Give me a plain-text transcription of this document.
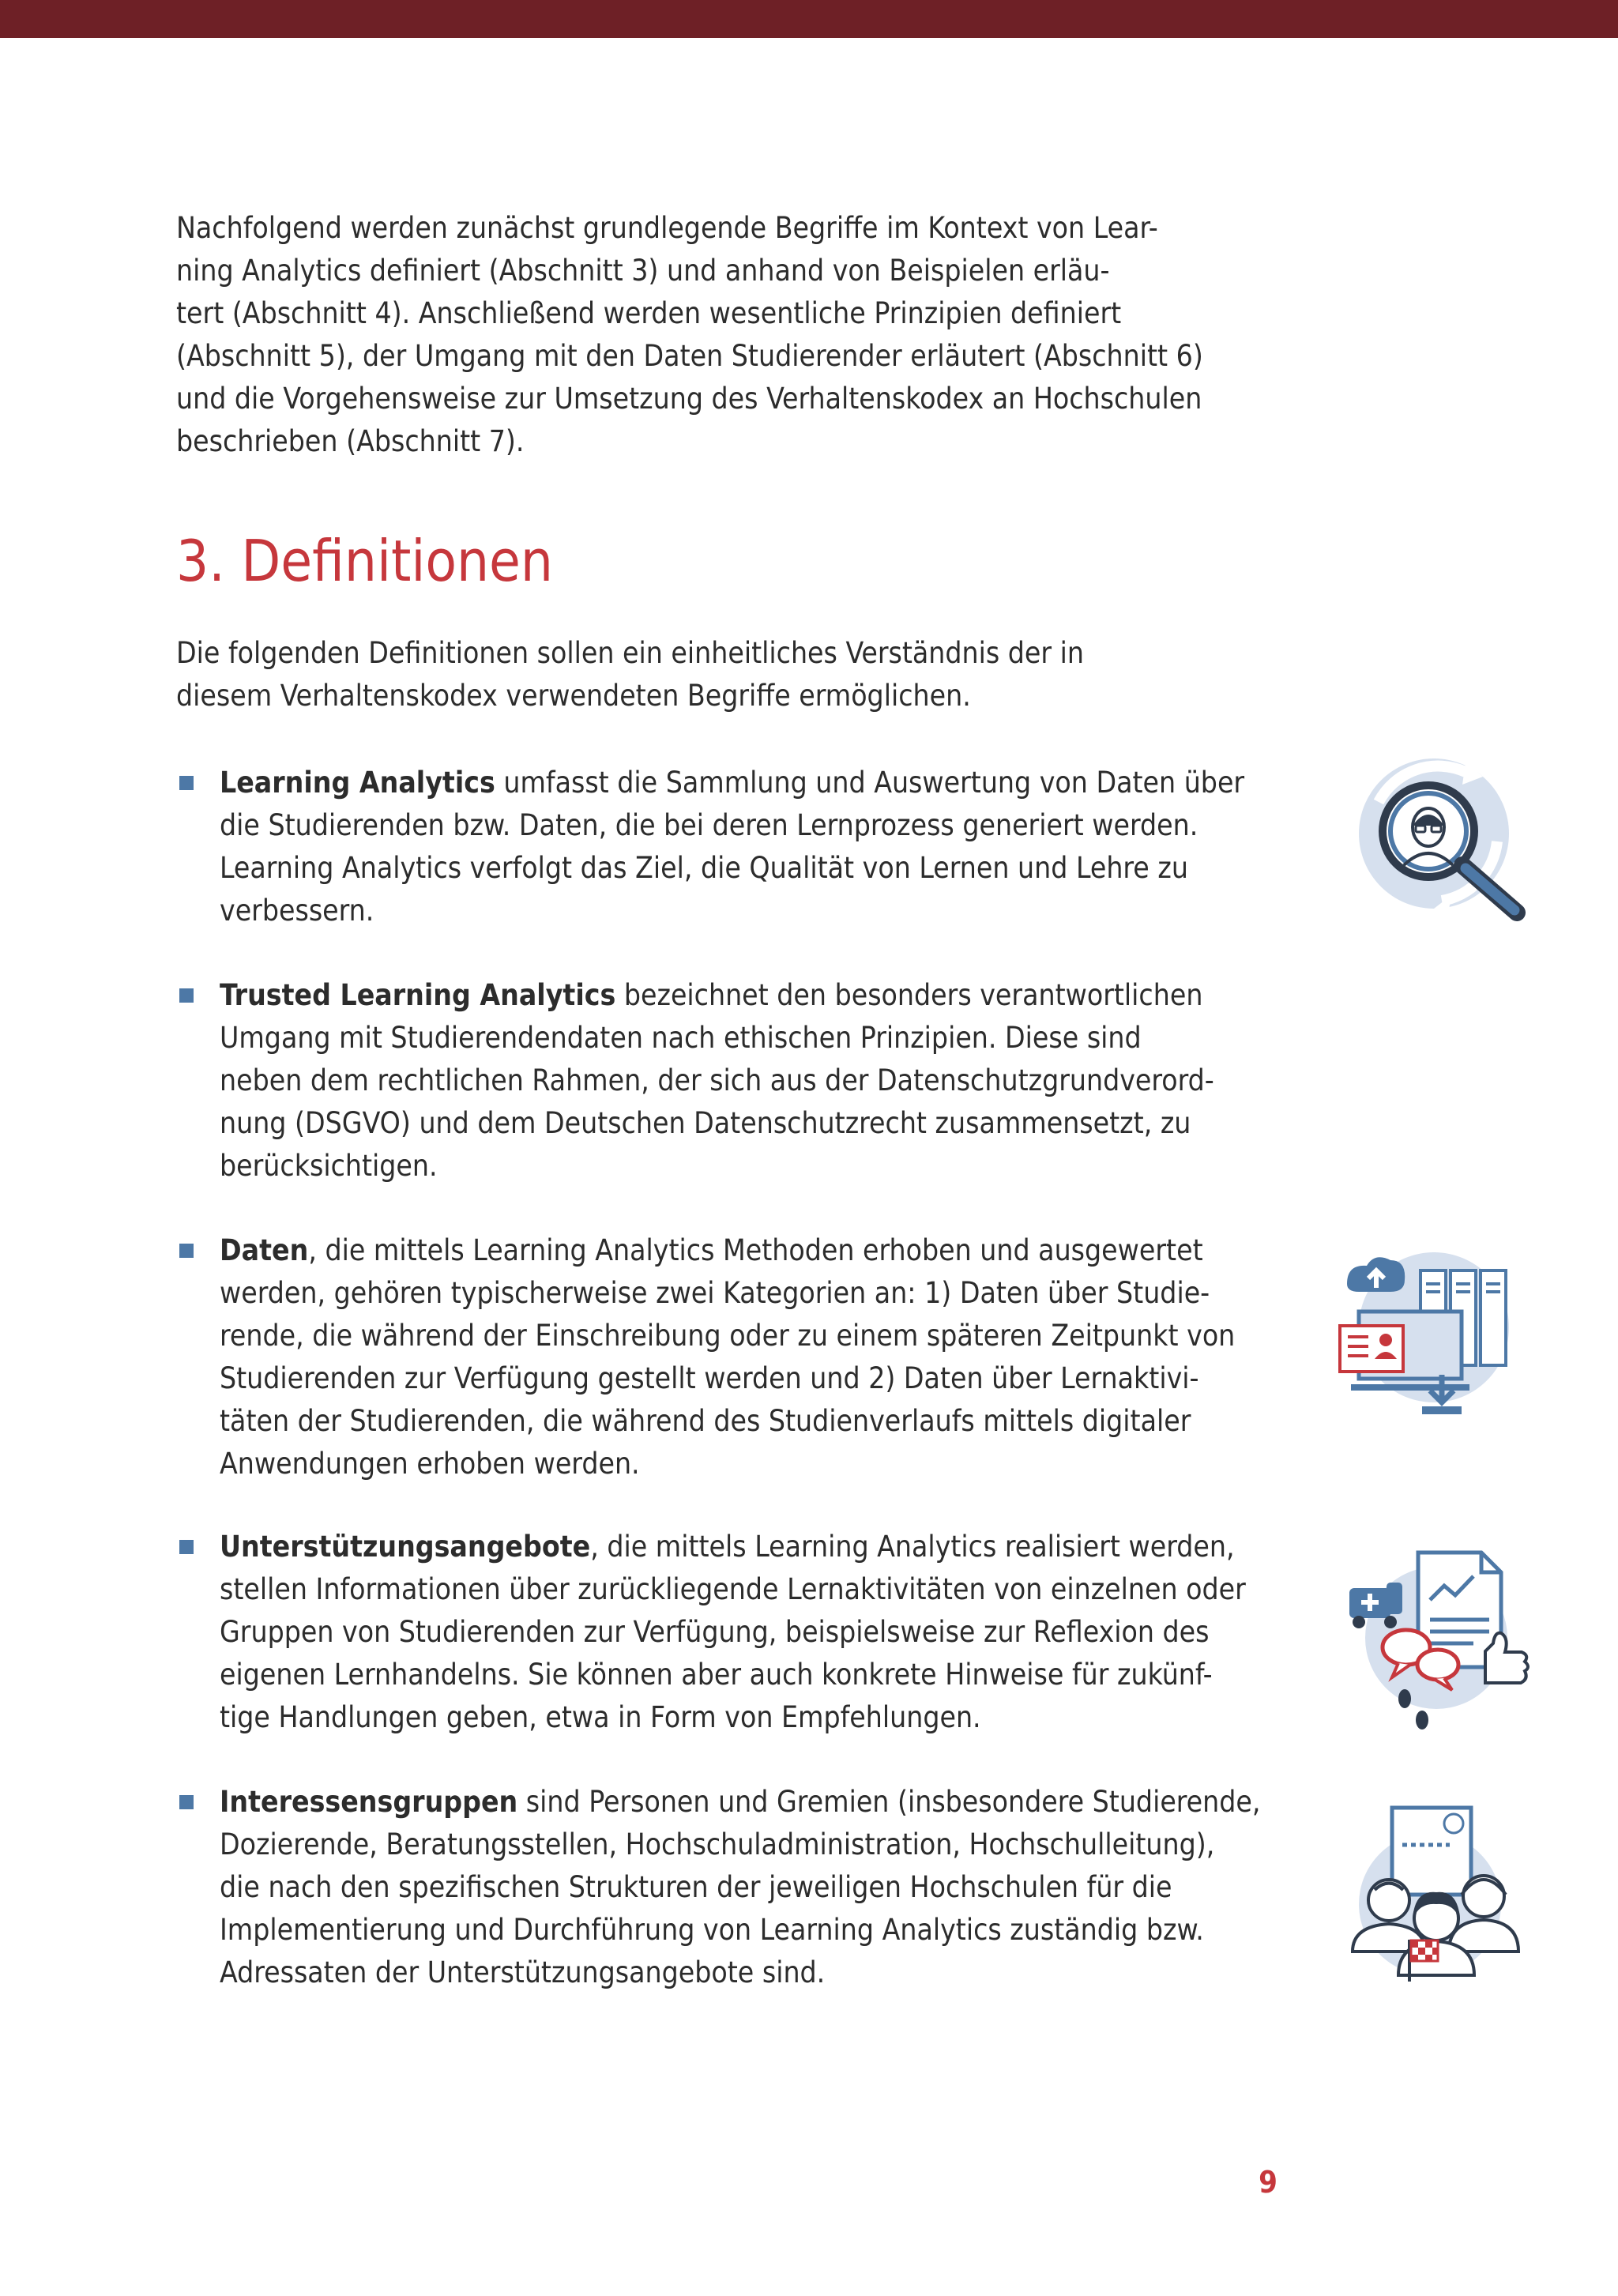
Nachfolgend werden zunächst grundlegende Begriffe im Kontext von Lear-
ning Analytics definiert (Abschnitt 3) und anhand von Beispielen erläu-
tert (Abschnitt 4). Anschließend werden wesentliche Prinzipien definiert
(Abschnitt 5), der Umgang mit den Daten Studierender erläutert (Abschnitt 6)
und die Vorgehensweise zur Umsetzung des Verhaltenskodex an Hochschulen
beschrieben (Abschnitt 7).

3. Definitionen

Die folgenden Definitionen sollen ein einheitliches Verständnis der in
diesem Verhaltenskodex verwendeten Begriffe ermöglichen.

Learning Analytics umfasst die Sammlung und Auswertung von Daten über
die Studierenden bzw. Daten, die bei deren Lernprozess generiert werden.
Learning Analytics verfolgt das Ziel, die Qualität von Lernen und Lehre zu
verbessern.

Trusted Learning Analytics bezeichnet den besonders verantwortlichen
Umgang mit Studierendendaten nach ethischen Prinzipien. Diese sind
neben dem rechtlichen Rahmen, der sich aus der Datenschutzgrundverord-
nung (DSGVO) und dem Deutschen Datenschutzrecht zusammensetzt, zu
berücksichtigen.

Daten, die mittels Learning Analytics Methoden erhoben und ausgewertet
werden, gehören typischerweise zwei Kategorien an: 1) Daten über Studie-
rende, die während der Einschreibung oder zu einem späteren Zeitpunkt von
Studierenden zur Verfügung gestellt werden und 2) Daten über Lernaktivi-
täten der Studierenden, die während des Studienverlaufs mittels digitaler
Anwendungen erhoben werden.

Unterstützungsangebote, die mittels Learning Analytics realisiert werden,
stellen Informationen über zurückliegende Lernaktivitäten von einzelnen oder
Gruppen von Studierenden zur Verfügung, beispielsweise zur Reflexion des
eigenen Lernhandelns. Sie können aber auch konkrete Hinweise für zukünf-
tige Handlungen geben, etwa in Form von Empfehlungen.

Interessensgruppen sind Personen und Gremien (insbesondere Studierende,
Dozierende, Beratungsstellen, Hochschuladministration, Hochschulleitung),
die nach den spezifischen Strukturen der jeweiligen Hochschulen für die
Implementierung und Durchführung von Learning Analytics zuständig bzw.
Adressaten der Unterstützungsangebote sind.

9
